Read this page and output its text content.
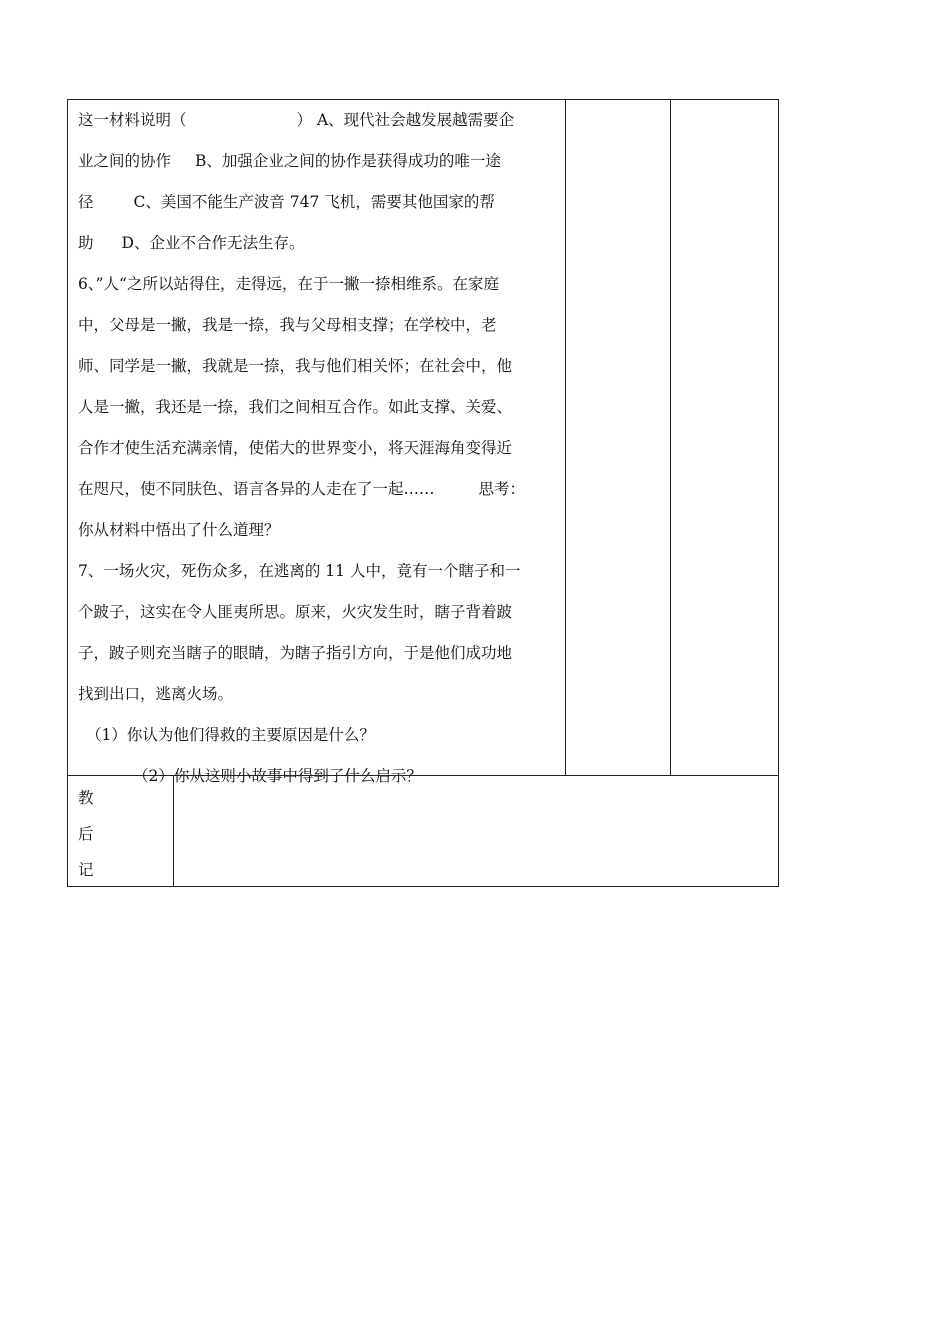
这一材料说明（	） A、现代社会越发展越需要企
业之间的协作 B、加强企业之间的协作是获得成功的唯一途
径	C、美国不能生产波音 747 飞机，需要其他国家的帮
助 D、企业不合作无法生存。
6、”人“之所以站得住，走得远，在于一撇一捺相维系。在家庭
中，父母是一撇，我是一捺，我与父母相支撑；在学校中，老
师、同学是一撇，我就是一捺，我与他们相关怀；在社会中，他
人是一撇，我还是一捺，我们之间相互合作。如此支撑、关爱、
合作才使生活充满亲情，使偌大的世界变小，将天涯海角变得近
在咫尺，使不同肤色、语言各异的人走在了一起……	思考：
你从材料中悟出了什么道理？
7、一场火灾，死伤众多，在逃离的 11 人中，竟有一个瞎子和一
个跛子，这实在令人匪夷所思。原来，火灾发生时，瞎子背着跛
子，跛子则充当瞎子的眼睛，为瞎子指引方向，于是他们成功地
找到出口，逃离火场。
（1）你认为他们得救的主要原因是什么？
（2）你从这则小故事中得到了什么启示？
教
后
记
